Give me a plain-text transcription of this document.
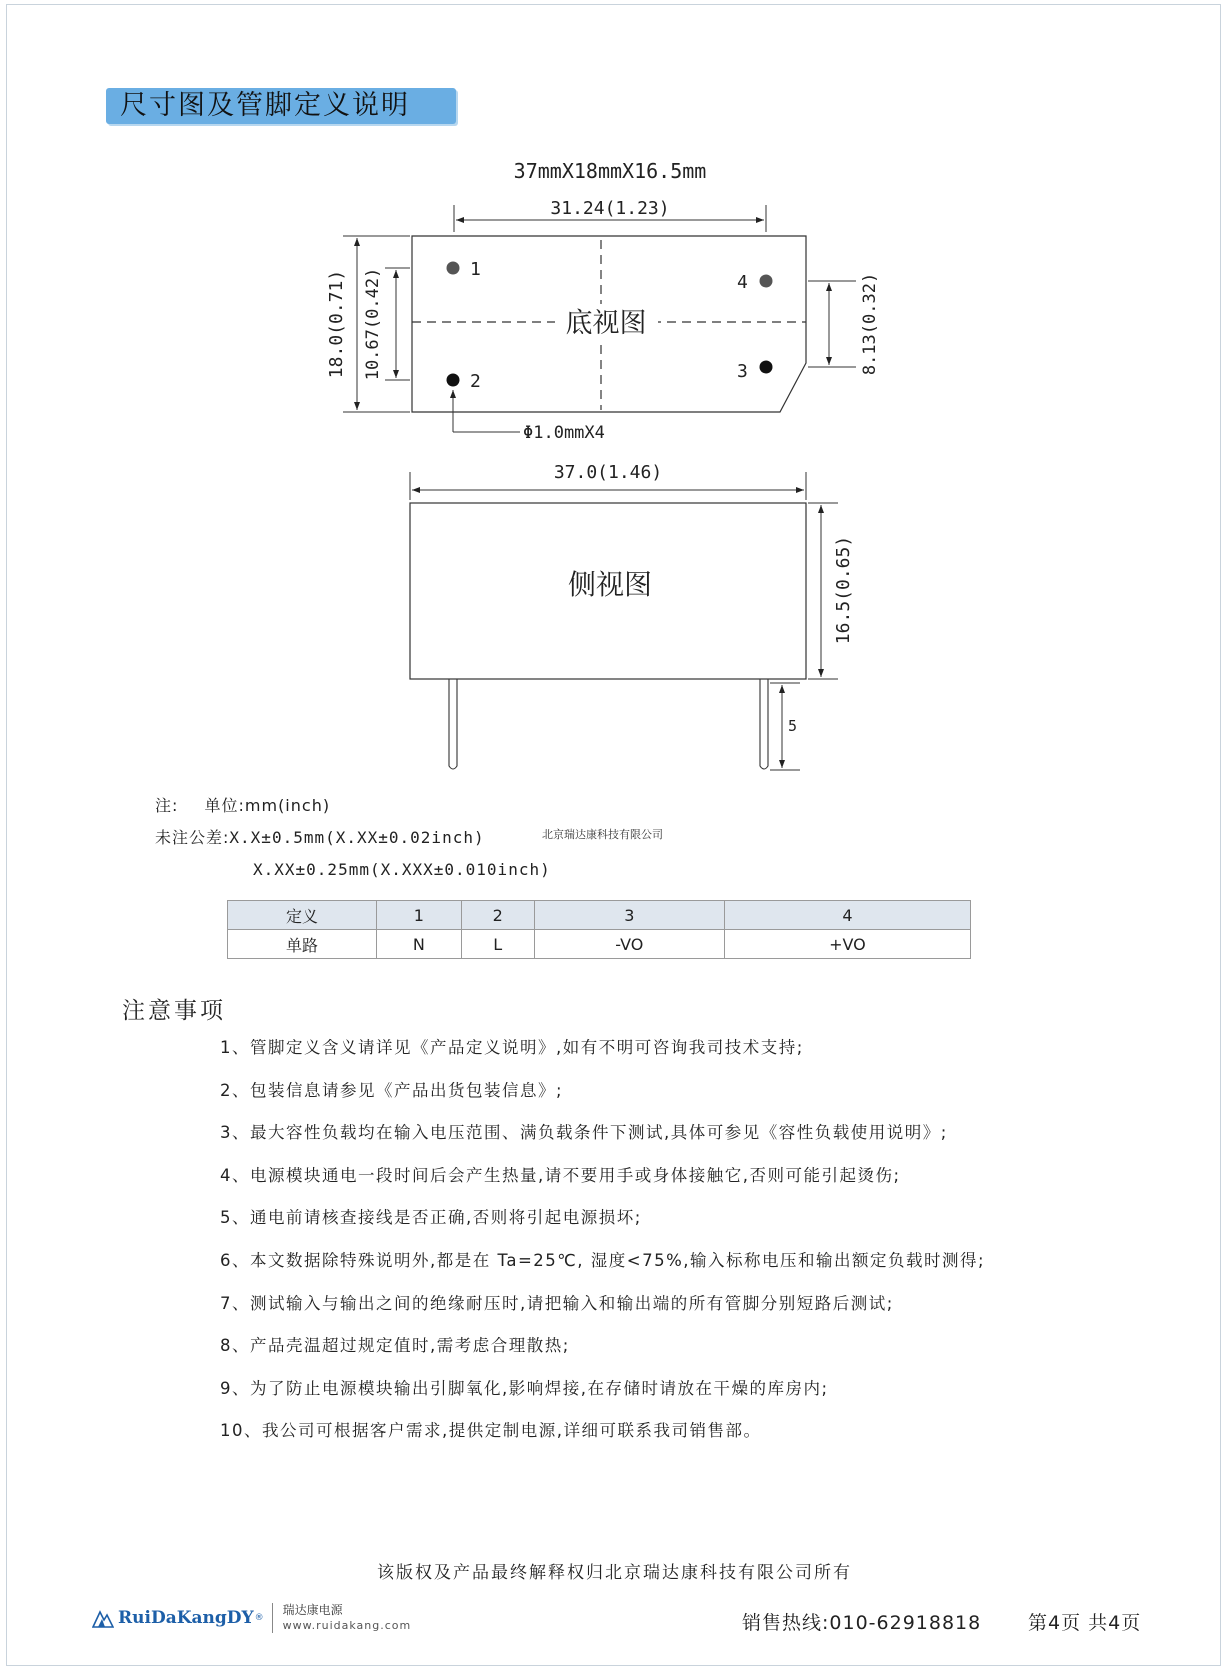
尺寸图及管脚定义说明
37mmX18mmX16.5mm
底视图
1
2	3
4
31.24(1.23)
18.0(0.71) 10.67(0.42)	8.13(0.32)
Φ1.0mmX4
37.0(1.46)
侧视图	16.5(0.65)
5
注: 单位:mm(inch)
未注公差:X.X±0.5mm(X.XX±0.02inch)
X.XX±0.25mm(X.XXX±0.010inch)
北京瑞达康科技有限公司
定义	1	2	3	4
单路	N	L	-VO	+VO
注意事项
1、管脚定义含义请详见《产品定义说明》,如有不明可咨询我司技术支持;
2、包装信息请参见《产品出货包装信息》;
3、最大容性负载均在输入电压范围、满负载条件下测试,具体可参见《容性负载使用说明》;
4、电源模块通电一段时间后会产生热量,请不要用手或身体接触它,否则可能引起烫伤;
5、通电前请核查接线是否正确,否则将引起电源损坏;
6、本文数据除特殊说明外,都是在 Ta=25℃, 湿度<75%,输入标称电压和输出额定负载时测得;
7、测试输入与输出之间的绝缘耐压时,请把输入和输出端的所有管脚分别短路后测试;
8、产品壳温超过规定值时,需考虑合理散热;
9、为了防止电源模块输出引脚氧化,影响焊接,在存储时请放在干燥的库房内;
10、我公司可根据客户需求,提供定制电源,详细可联系我司销售部。
该版权及产品最终解释权归北京瑞达康科技有限公司所有
RuiDaKangDY ®
瑞达康电源
www.ruidakang.com	销售热线:010-62918818 第4页 共4页
